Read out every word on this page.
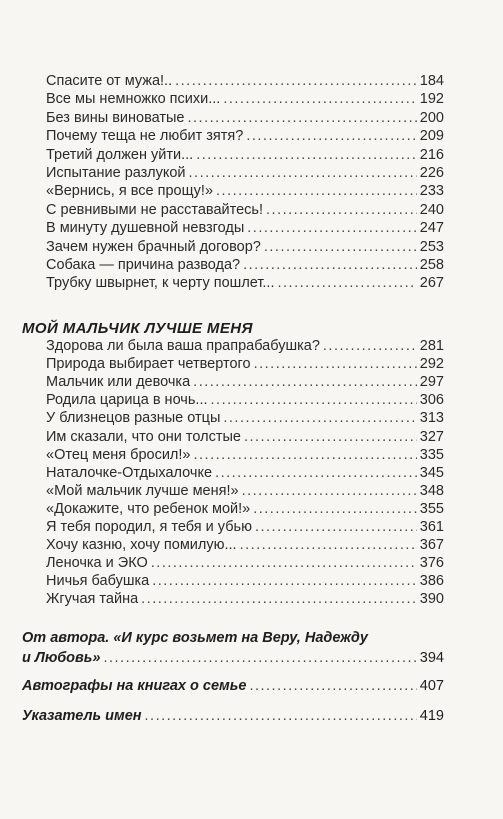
Спасите от мужа!.. .....	184
Все мы немножко психи... .....	192
Без вины виноватые .....	200
Почему теща не любит зятя? .....	209
Третий должен уйти... .....	216
Испытание разлукой .....	226
«Вернись, я все прощу!» .....	233
С ревнивыми не расставайтесь! .....	240
В минуту душевной невзгоды .....	247
Зачем нужен брачный договор? .....	253
Собака — причина развода? .....	258
Трубку швырнет, к черту пошлет... .....	267
МОЙ МАЛЬЧИК ЛУЧШЕ МЕНЯ
Здорова ли была ваша прапрабабушка? .....	281
Природа выбирает четвертого .....	292
Мальчик или девочка .....	297
Родила царица в ночь... .....	306
У близнецов разные отцы .....	313
Им сказали, что они толстые .....	327
«Отец меня бросил!» .....	335
Наталочке-Отдыхалочке .....	345
«Мой мальчик лучше меня!» .....	348
«Докажите, что ребенок мой!» .....	355
Я тебя породил, я тебя и убью .....	361
Хочу казню, хочу помилую... .....	367
Леночка и ЭКО .....	376
Ничья бабушка .....	386
Жгучая тайна .....	390
От автора. «И курс возьмет на Веру, Надежду
и Любовь» .....	394
Автографы на книгах о семье .....	407
Указатель имен .....	419
